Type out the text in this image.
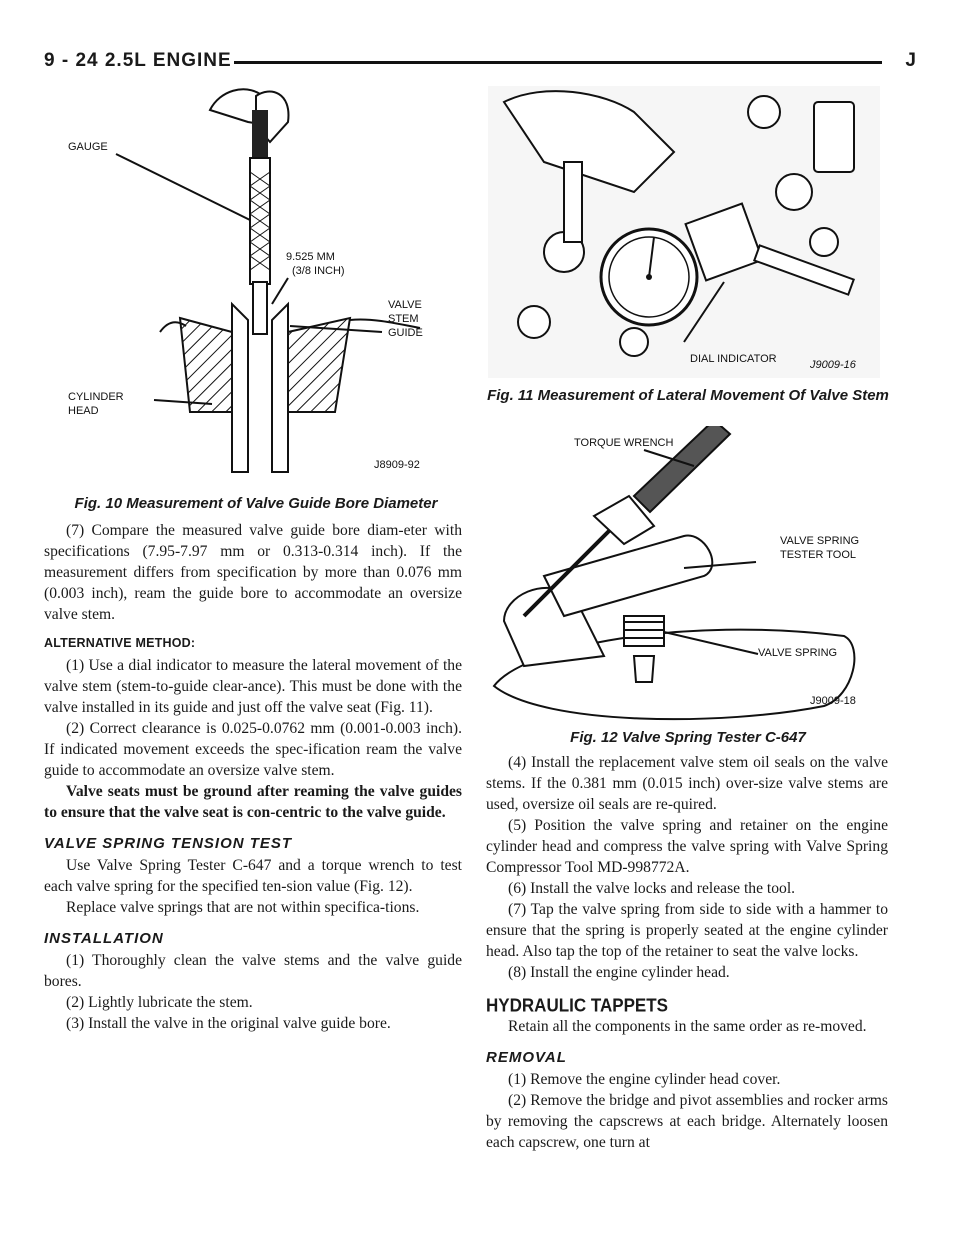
9 - 24 2.5L ENGINE	J
GAUGE
9.525 MM
(3/8 INCH)
VALVE
STEM
GUIDE
CYLINDER
HEAD
J8909-92
Fig. 10 Measurement of Valve Guide Bore Diameter
DIAL INDICATOR	J9009-16
Fig. 11 Measurement of Lateral Movement Of Valve Stem
TORQUE WRENCH
VALVE SPRING
TESTER TOOL
VALVE SPRING
J9009-18
Fig. 12 Valve Spring Tester C-647

(7) Compare the measured valve guide bore diam-eter with specifications (7.95-7.97 mm or 0.313-0.314 inch). If the measurement differs from specification by more than 0.076 mm (0.003 inch), ream the guide bore to accommodate an oversize valve stem.

ALTERNATIVE METHOD:

(1) Use a dial indicator to measure the lateral movement of the valve stem (stem-to-guide clear-ance). This must be done with the valve installed in its guide and just off the valve seat (Fig. 11).

(2) Correct clearance is 0.025-0.0762 mm (0.001-0.003 inch). If indicated movement exceeds the spec-ification ream the valve guide to accommodate an oversize valve stem.

Valve seats must be ground after reaming the valve guides to ensure that the valve seat is con-centric to the valve guide.

VALVE SPRING TENSION TEST

Use Valve Spring Tester C-647 and a torque wrench to test each valve spring for the specified ten-sion value (Fig. 12).

Replace valve springs that are not within specifica-tions.

INSTALLATION

(1) Thoroughly clean the valve stems and the valve guide bores.

(2) Lightly lubricate the stem.

(3) Install the valve in the original valve guide bore.

(4) Install the replacement valve stem oil seals on the valve stems. If the 0.381 mm (0.015 inch) over-size valve stems are used, oversize oil seals are re-quired.

(5) Position the valve spring and retainer on the engine cylinder head and compress the valve spring with Valve Spring Compressor Tool MD-998772A.

(6) Install the valve locks and release the tool.

(7) Tap the valve spring from side to side with a hammer to ensure that the spring is properly seated at the engine cylinder head. Also tap the top of the retainer to seat the valve locks.

(8) Install the engine cylinder head.

HYDRAULIC TAPPETS

Retain all the components in the same order as re-moved.

REMOVAL

(1) Remove the engine cylinder head cover.

(2) Remove the bridge and pivot assemblies and rocker arms by removing the capscrews at each bridge. Alternately loosen each capscrew, one turn at
